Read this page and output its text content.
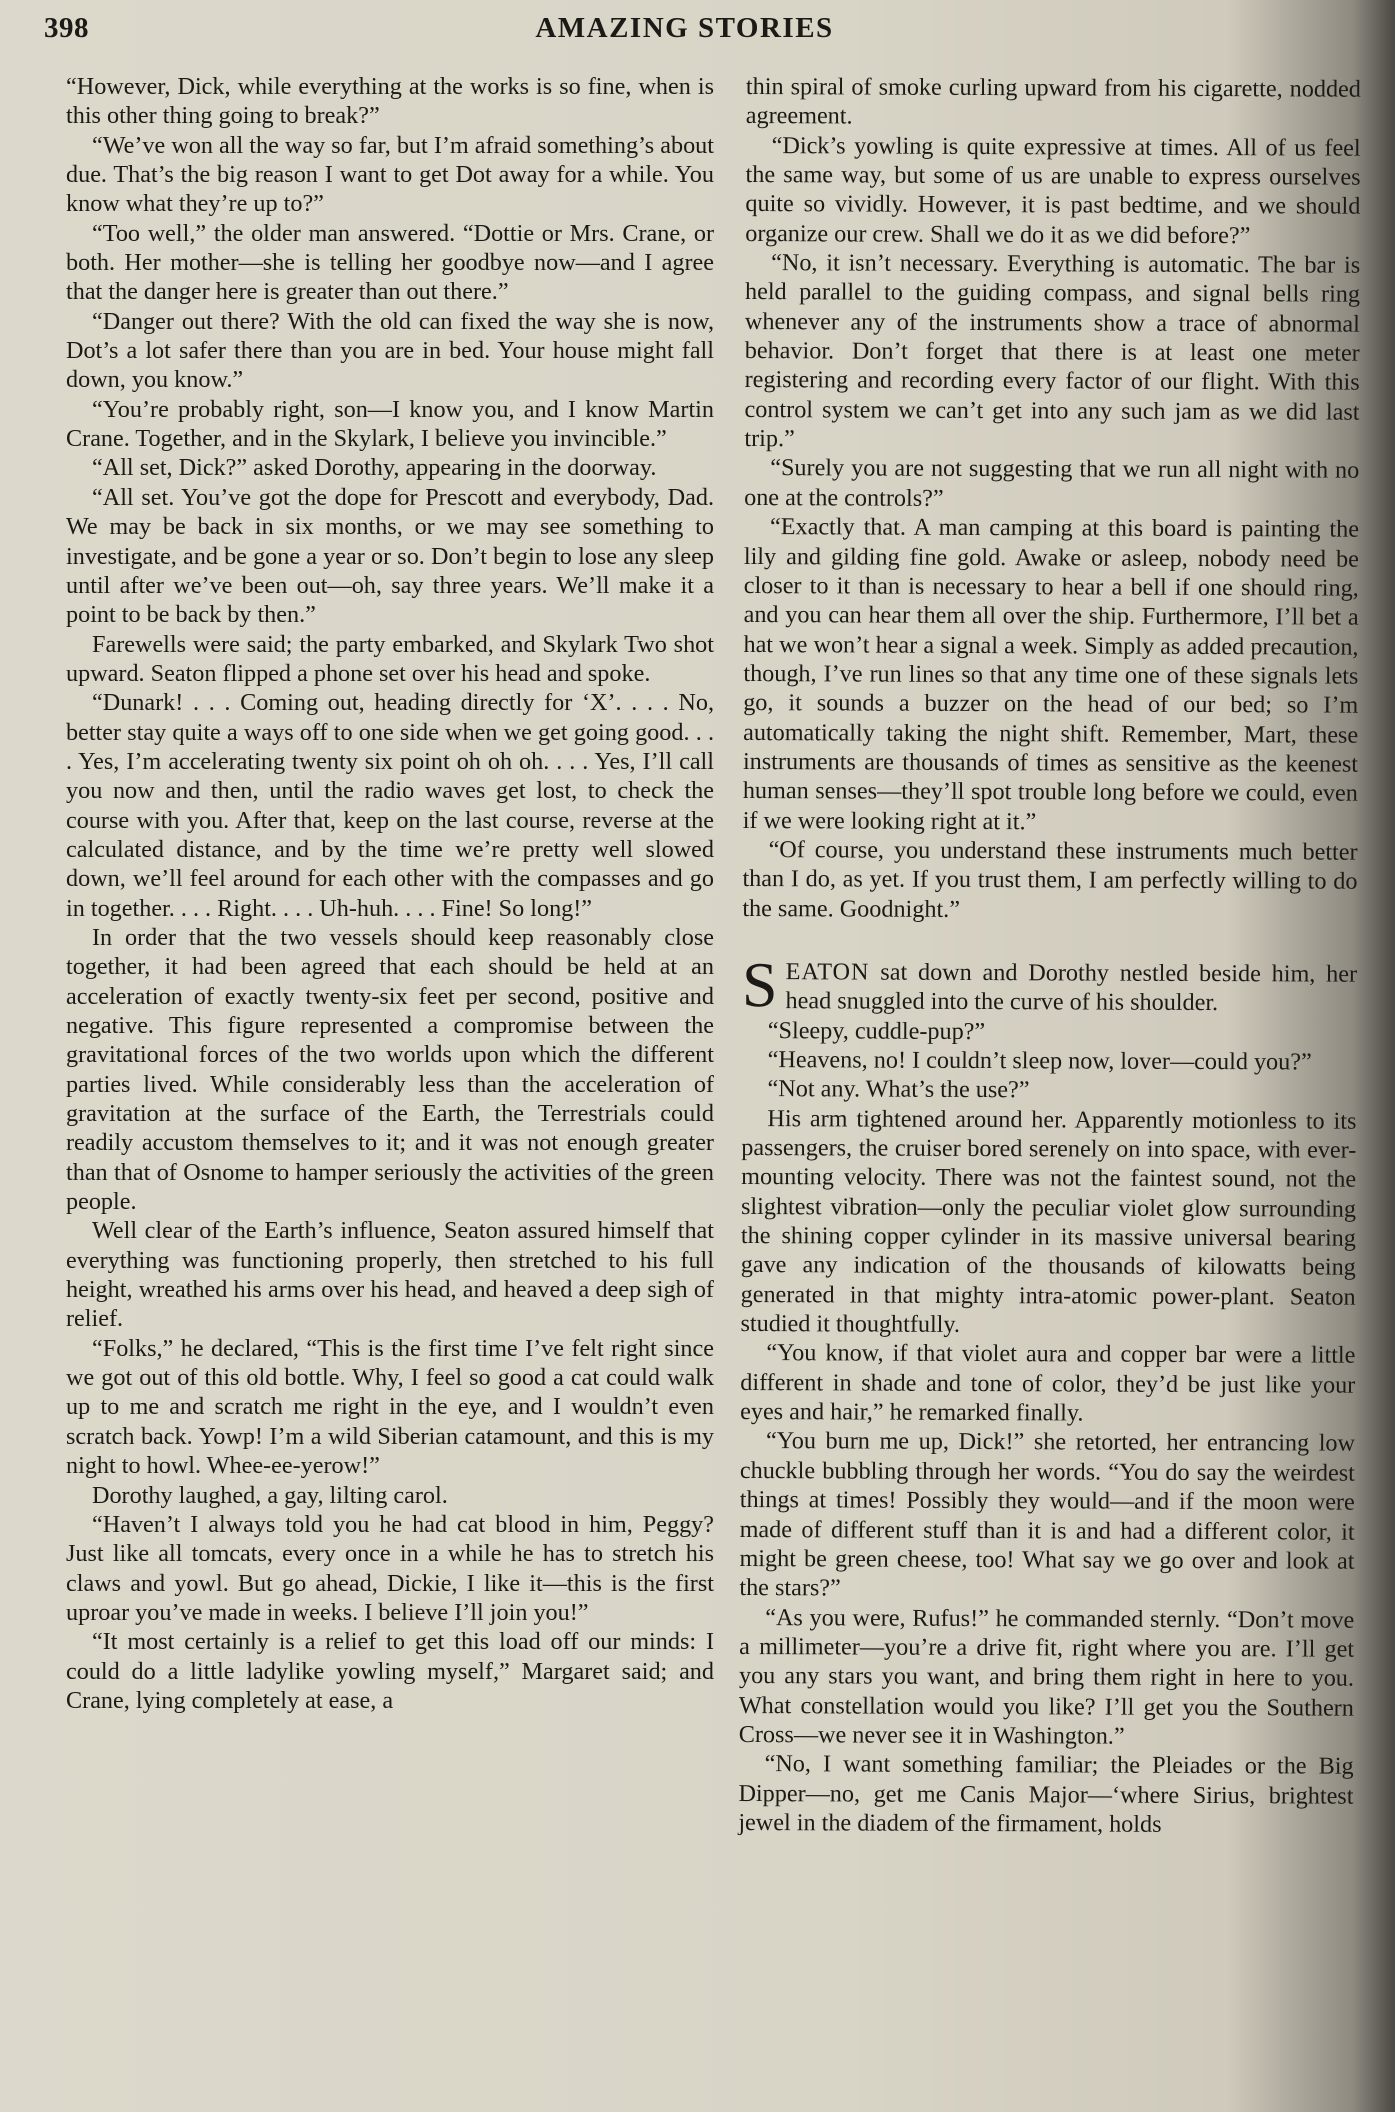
398	AMAZING STORIES

“However, Dick, while everything at the works is so fine, when is this other thing going to break?”

“We’ve won all the way so far, but I’m afraid something’s about due. That’s the big reason I want to get Dot away for a while. You know what they’re up to?”

“Too well,” the older man answered. “Dottie or Mrs. Crane, or both. Her mother—she is telling her goodbye now—and I agree that the danger here is greater than out there.”

“Danger out there? With the old can fixed the way she is now, Dot’s a lot safer there than you are in bed. Your house might fall down, you know.”

“You’re probably right, son—I know you, and I know Martin Crane. Together, and in the Skylark, I believe you invincible.”

“All set, Dick?” asked Dorothy, appearing in the doorway.

“All set. You’ve got the dope for Prescott and everybody, Dad. We may be back in six months, or we may see something to investigate, and be gone a year or so. Don’t begin to lose any sleep until after we’ve been out—oh, say three years. We’ll make it a point to be back by then.”

Farewells were said; the party embarked, and Skylark Two shot upward. Seaton flipped a phone set over his head and spoke.

“Dunark! . . . Coming out, heading directly for ‘X’. . . . No, better stay quite a ways off to one side when we get going good. . . . Yes, I’m accelerating twenty six point oh oh oh. . . . Yes, I’ll call you now and then, until the radio waves get lost, to check the course with you. After that, keep on the last course, reverse at the calculated distance, and by the time we’re pretty well slowed down, we’ll feel around for each other with the compasses and go in together. . . . Right. . . . Uh-huh. . . . Fine! So long!”

In order that the two vessels should keep reasonably close together, it had been agreed that each should be held at an acceleration of exactly twenty-six feet per second, positive and negative. This figure represented a compromise between the gravitational forces of the two worlds upon which the different parties lived. While considerably less than the acceleration of gravitation at the surface of the Earth, the Terrestrials could readily accustom themselves to it; and it was not enough greater than that of Osnome to hamper seriously the activities of the green people.

Well clear of the Earth’s influence, Seaton assured himself that everything was functioning properly, then stretched to his full height, wreathed his arms over his head, and heaved a deep sigh of relief.

“Folks,” he declared, “This is the first time I’ve felt right since we got out of this old bottle. Why, I feel so good a cat could walk up to me and scratch me right in the eye, and I wouldn’t even scratch back. Yowp! I’m a wild Siberian catamount, and this is my night to howl. Whee-ee-yerow!”

Dorothy laughed, a gay, lilting carol.

“Haven’t I always told you he had cat blood in him, Peggy? Just like all tomcats, every once in a while he has to stretch his claws and yowl. But go ahead, Dickie, I like it—this is the first uproar you’ve made in weeks. I believe I’ll join you!”

“It most certainly is a relief to get this load off our minds: I could do a little ladylike yowling myself,” Margaret said; and Crane, lying completely at ease, a

thin spiral of smoke curling upward from his cigarette, nodded agreement.

“Dick’s yowling is quite expressive at times. All of us feel the same way, but some of us are unable to express ourselves quite so vividly. However, it is past bedtime, and we should organize our crew. Shall we do it as we did before?”

“No, it isn’t necessary. Everything is automatic. The bar is held parallel to the guiding compass, and signal bells ring whenever any of the instruments show a trace of abnormal behavior. Don’t forget that there is at least one meter registering and recording every factor of our flight. With this control system we can’t get into any such jam as we did last trip.”

“Surely you are not suggesting that we run all night with no one at the controls?”

“Exactly that. A man camping at this board is painting the lily and gilding fine gold. Awake or asleep, nobody need be closer to it than is necessary to hear a bell if one should ring, and you can hear them all over the ship. Furthermore, I’ll bet a hat we won’t hear a signal a week. Simply as added precaution, though, I’ve run lines so that any time one of these signals lets go, it sounds a buzzer on the head of our bed; so I’m automatically taking the night shift. Remember, Mart, these instruments are thousands of times as sensitive as the keenest human senses—they’ll spot trouble long before we could, even if we were looking right at it.”

“Of course, you understand these instruments much better than I do, as yet. If you trust them, I am perfectly willing to do the same. Goodnight.”

SEATON sat down and Dorothy nestled beside him, her head snuggled into the curve of his shoulder.

“Sleepy, cuddle-pup?”

“Heavens, no! I couldn’t sleep now, lover—could you?”

“Not any. What’s the use?”

His arm tightened around her. Apparently motionless to its passengers, the cruiser bored serenely on into space, with ever-mounting velocity. There was not the faintest sound, not the slightest vibration—only the peculiar violet glow surrounding the shining copper cylinder in its massive universal bearing gave any indication of the thousands of kilowatts being generated in that mighty intra-atomic power-plant. Seaton studied it thoughtfully.

“You know, if that violet aura and copper bar were a little different in shade and tone of color, they’d be just like your eyes and hair,” he remarked finally.

“You burn me up, Dick!” she retorted, her entrancing low chuckle bubbling through her words. “You do say the weirdest things at times! Possibly they would—and if the moon were made of different stuff than it is and had a different color, it might be green cheese, too! What say we go over and look at the stars?”

“As you were, Rufus!” he commanded sternly. “Don’t move a millimeter—you’re a drive fit, right where you are. I’ll get you any stars you want, and bring them right in here to you. What constellation would you like? I’ll get you the Southern Cross—we never see it in Washington.”

“No, I want something familiar; the Pleiades or the Big Dipper—no, get me Canis Major—‘where Sirius, brightest jewel in the diadem of the firmament, holds
